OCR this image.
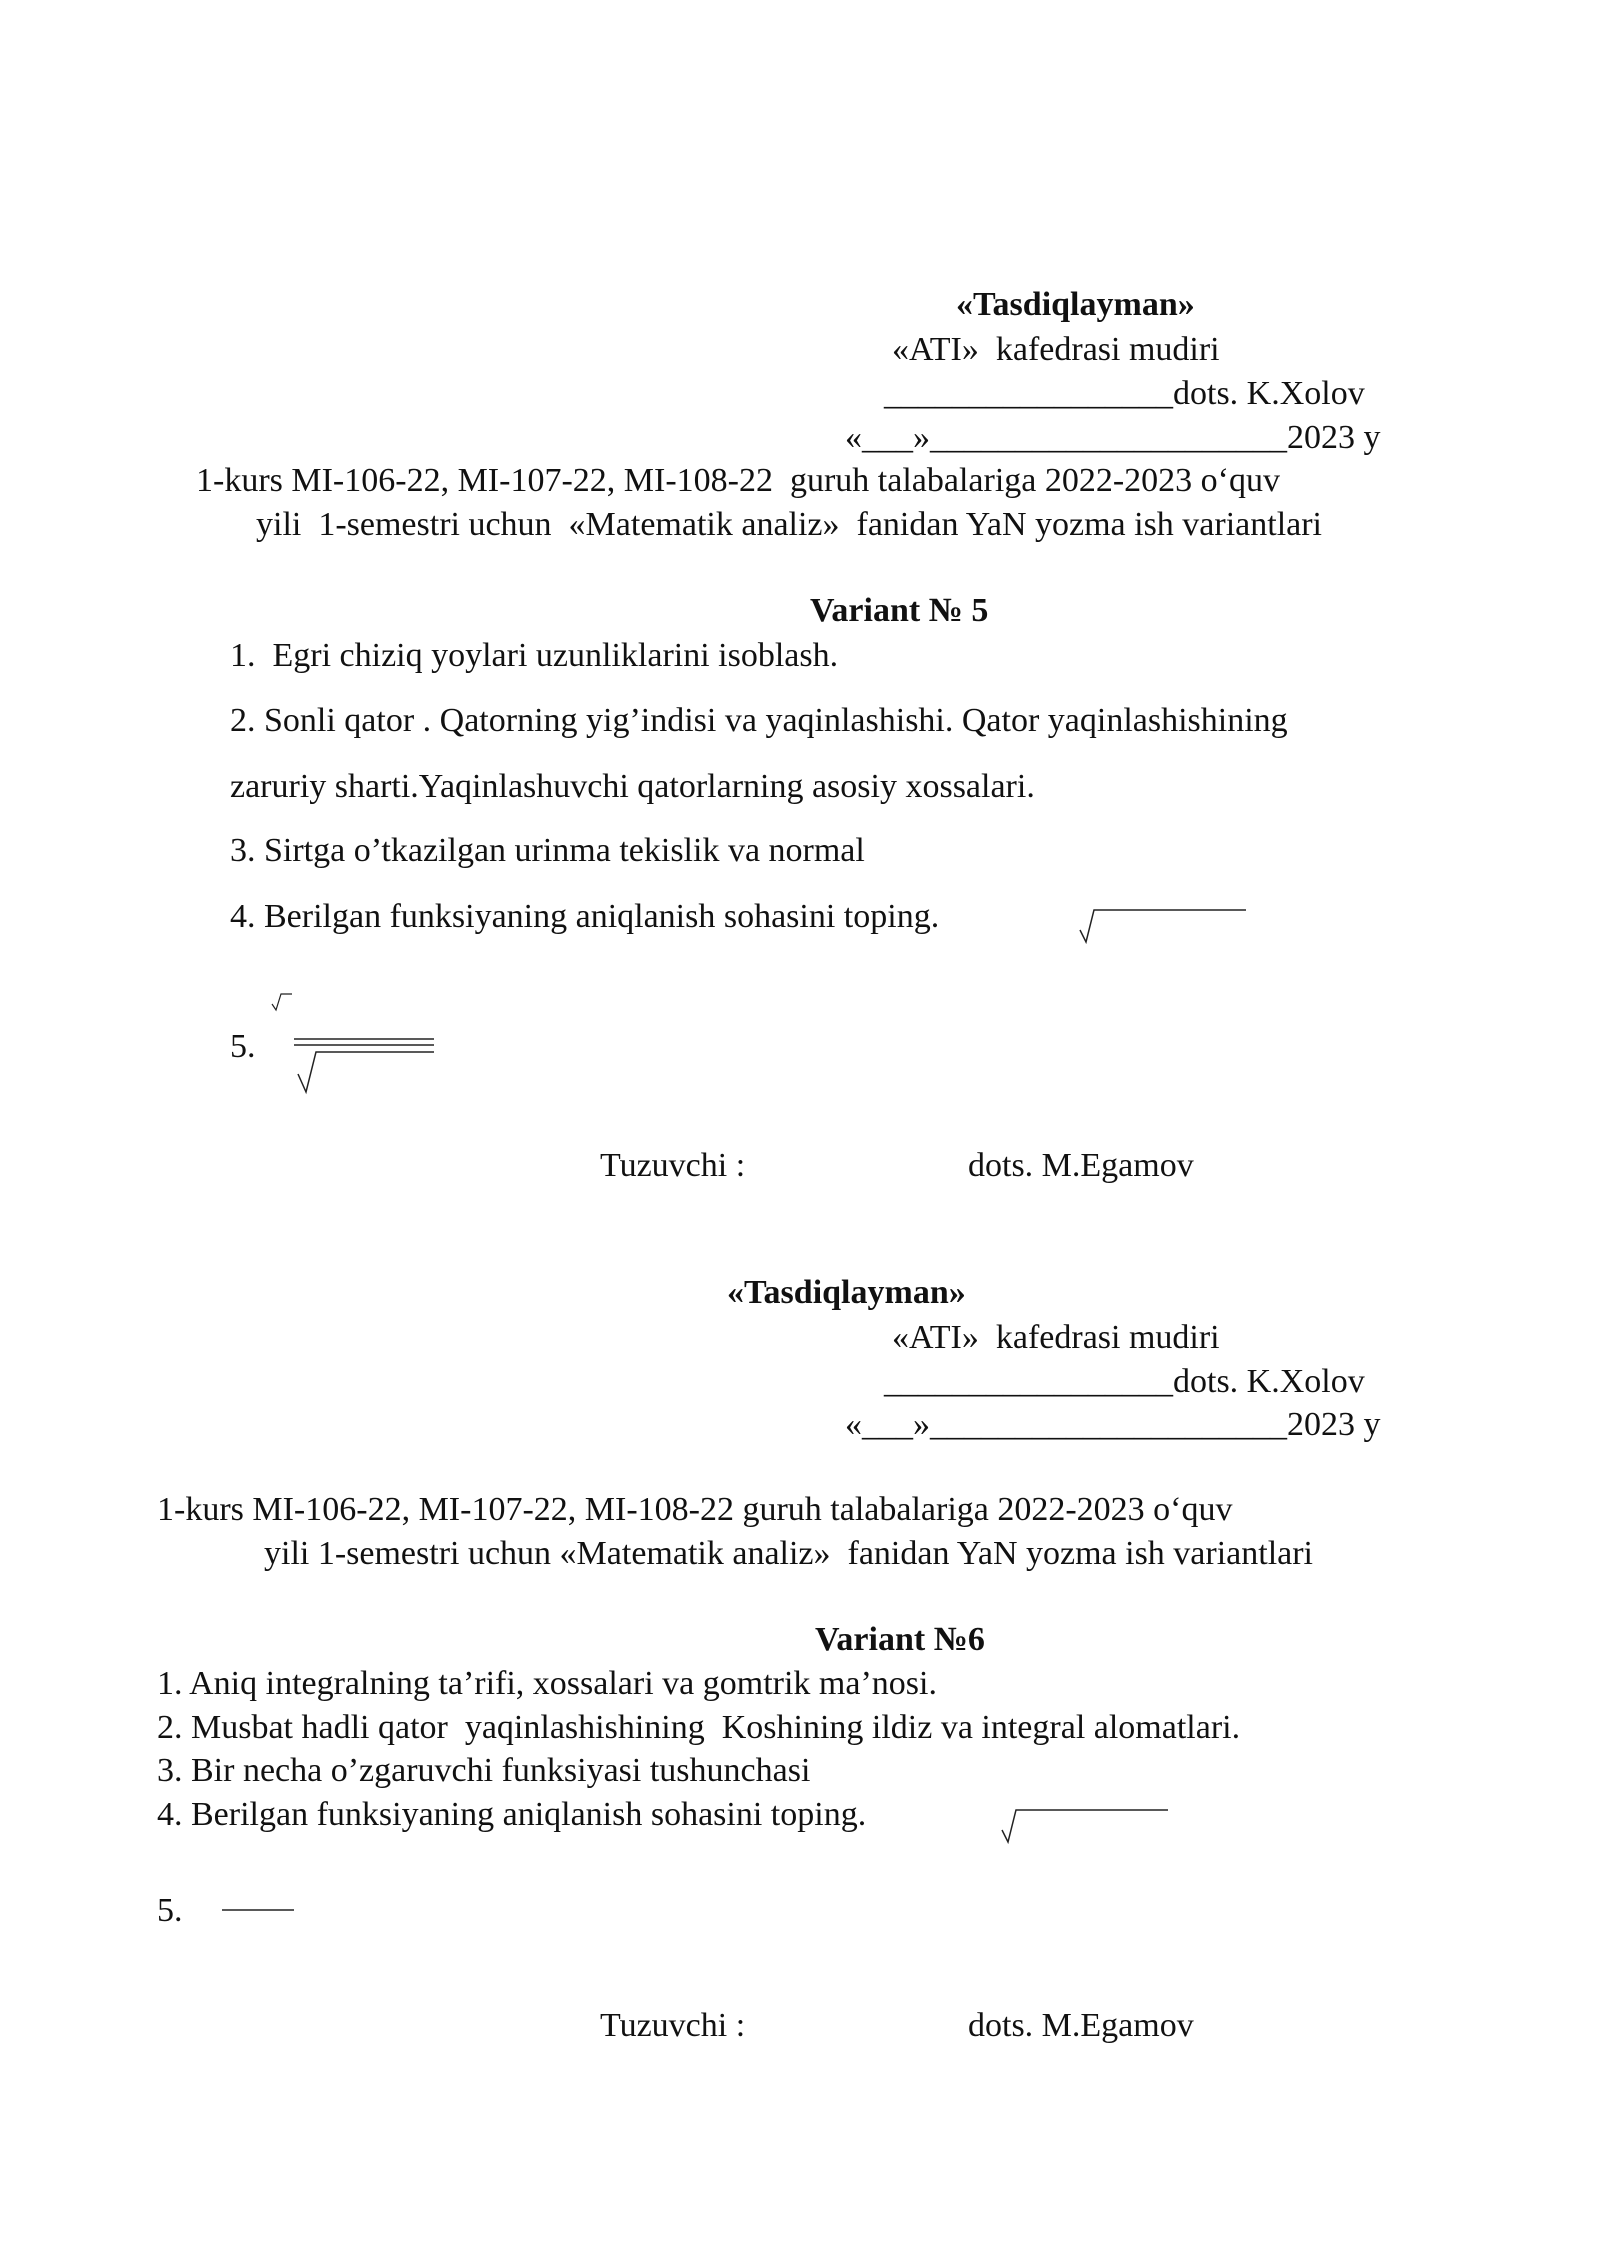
«Tasdiqlayman»
«ATI»  kafedrasi mudiri
_________________dots. K.Xolov
«___»_____________________2023 y
1-kurs MI-106-22, MI-107-22, MI-108-22  guruh talabalariga 2022-2023 o‘quv
yili  1-semestri uchun  «Matematik analiz»  fanidan YaN yozma ish variantlari
Variant № 5
1.  Egri chiziq yoylari uzunliklarini isoblash.
2. Sonli qator . Qatorning yig’indisi va yaqinlashishi. Qator yaqinlashishining
zaruriy sharti.Yaqinlashuvchi qatorlarning asosiy xossalari.
3. Sirtga o’tkazilgan urinma tekislik va normal
4. Berilgan funksiyaning aniqlanish sohasini toping.
5.
Tuzuvchi :	dots. M.Egamov
«Tasdiqlayman»
«ATI»  kafedrasi mudiri
_________________dots. K.Xolov
«___»_____________________2023 y
1-kurs MI-106-22, MI-107-22, MI-108-22 guruh talabalariga 2022-2023 o‘quv
yili 1-semestri uchun «Matematik analiz»  fanidan YaN yozma ish variantlari
Variant №6
1. Aniq integralning ta’rifi, xossalari va gomtrik ma’nosi.
2. Musbat hadli qator  yaqinlashishining  Koshining ildiz va integral alomatlari.
3. Bir necha o’zgaruvchi funksiyasi tushunchasi
4. Berilgan funksiyaning aniqlanish sohasini toping.
5.
Tuzuvchi :	dots. M.Egamov
